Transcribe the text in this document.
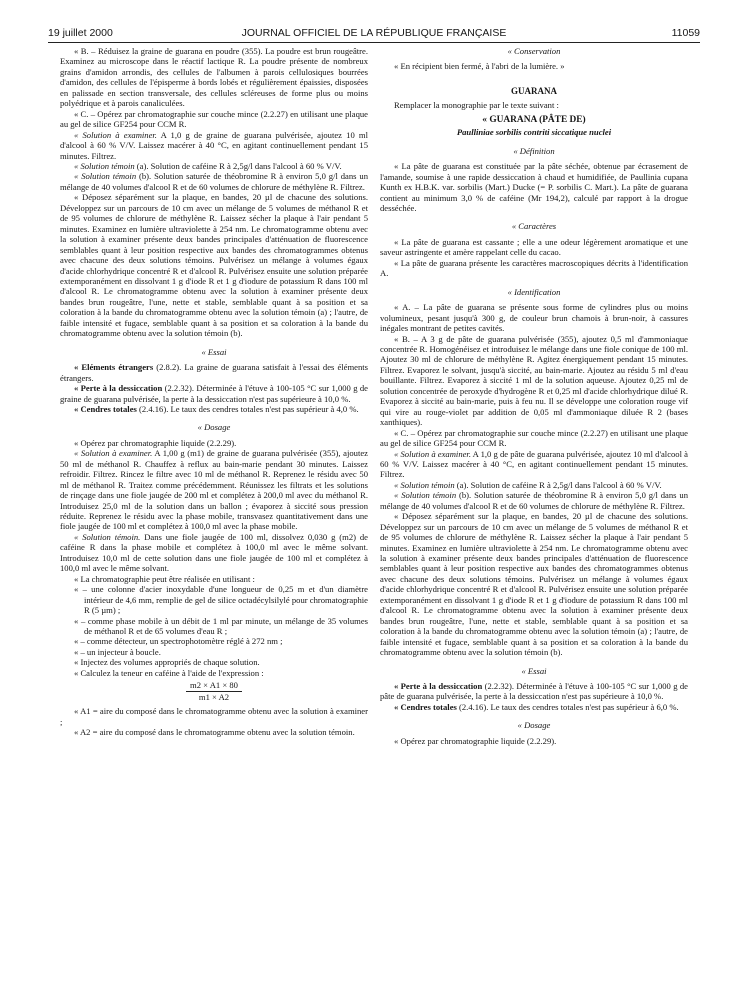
19 juillet 2000	JOURNAL OFFICIEL DE LA RÉPUBLIQUE FRANÇAISE	11059

« B. – Réduisez la graine de guarana en poudre (355). La poudre est brun rougeâtre. Examinez au microscope dans le réactif lactique R. La poudre présente de nombreux grains d'amidon arrondis, des cellules de l'albumen à parois cellulosiques bourrées d'amidon, des cellules de l'épisperme à bords lobés et régulièrement épaissies, disposées en palissade en section transversale, des cellules scléreuses de forme plus ou moins polyédrique et à parois canaliculées.

« C. – Opérez par chromatographie sur couche mince (2.2.27) en utilisant une plaque au gel de silice GF254 pour CCM R.

« Solution à examiner. A 1,0 g de graine de guarana pulvérisée, ajoutez 10 ml d'alcool à 60 % V/V. Laissez macérer à 40 °C, en agitant continuellement pendant 15 minutes. Filtrez.

« Solution témoin (a). Solution de caféine R à 2,5g/l dans l'alcool à 60 % V/V.

« Solution témoin (b). Solution saturée de théobromine R à environ 5,0 g/l dans un mélange de 40 volumes d'alcool R et de 60 volumes de chlorure de méthylène R. Filtrez.

« Déposez séparément sur la plaque, en bandes, 20 µl de chacune des solutions. Développez sur un parcours de 10 cm avec un mélange de 5 volumes de méthanol R et de 95 volumes de chlorure de méthylène R. Laissez sécher la plaque à l'air pendant 5 minutes. Examinez en lumière ultraviolette à 254 nm. Le chromatogramme obtenu avec la solution à examiner présente deux bandes principales d'atténuation de fluorescence semblables quant à leur position respective aux bandes des chromatogrammes obtenus avec chacune des deux solutions témoins. Pulvérisez un mélange à volumes égaux d'acide chlorhydrique concentré R et d'alcool R. Pulvérisez ensuite une solution préparée extemporanément en dissolvant 1 g d'iode R et 1 g d'iodure de potassium R dans 100 ml d'alcool R. Le chromatogramme obtenu avec la solution à examiner présente deux bandes brun rougeâtre, l'une, nette et stable, semblable quant à sa position et sa coloration à la bande du chromatogramme obtenu avec la solution témoin (a) ; l'autre, de faible intensité et fugace, semblable quant à sa position et sa coloration à la bande du chromatogramme obtenu avec la solution témoin (b).

« Essai

« Eléments étrangers (2.8.2). La graine de guarana satisfait à l'essai des éléments étrangers.

« Perte à la dessiccation (2.2.32). Déterminée à l'étuve à 100-105 °C sur 1,000 g de graine de guarana pulvérisée, la perte à la dessiccation n'est pas supérieure à 10,0 %.

« Cendres totales (2.4.16). Le taux des cendres totales n'est pas supérieur à 4,0 %.

« Dosage

« Opérez par chromatographie liquide (2.2.29).

« Solution à examiner. A 1,00 g (m1) de graine de guarana pulvérisée (355), ajoutez 50 ml de méthanol R. Chauffez à reflux au bain-marie pendant 30 minutes. Laissez refroidir. Filtrez. Rincez le filtre avec 10 ml de méthanol R. Reprenez le résidu avec 50 ml de méthanol R. Traitez comme précédemment. Réunissez les filtrats et les solutions de rinçage dans une fiole jaugée de 200 ml et complétez à 200,0 ml avec du méthanol R. Introduisez 25,0 ml de la solution dans un ballon ; évaporez à siccité sous pression réduite. Reprenez le résidu avec la phase mobile, transvasez quantitativement dans une fiole jaugée de 100 ml et complétez à 100,0 ml avec la phase mobile.

« Solution témoin. Dans une fiole jaugée de 100 ml, dissolvez 0,030 g (m2) de caféine R dans la phase mobile et complétez à 100,0 ml avec le même solvant. Introduisez 10,0 ml de cette solution dans une fiole jaugée de 100 ml et complétez à 100,0 ml avec le même solvant.

« La chromatographie peut être réalisée en utilisant :

« – une colonne d'acier inoxydable d'une longueur de 0,25 m et d'un diamètre intérieur de 4,6 mm, remplie de gel de silice octadécylsilylé pour chromatographie R (5 µm) ;

« – comme phase mobile à un débit de 1 ml par minute, un mélange de 35 volumes de méthanol R et de 65 volumes d'eau R ;

« – comme détecteur, un spectrophotomètre réglé à 272 nm ;

« – un injecteur à boucle.

« Injectez des volumes appropriés de chaque solution.

« Calculez la teneur en caféine à l'aide de l'expression :

m2 × A1 × 80
m1 × A2

« A1 = aire du composé dans le chromatogramme obtenu avec la solution à examiner ;

« A2 = aire du composé dans le chromatogramme obtenu avec la solution témoin.

« Conservation

« En récipient bien fermé, à l'abri de la lumière. »

GUARANA

Remplacer la monographie par le texte suivant :

« GUARANA (PÂTE DE)

Paulliniae sorbilis contriti siccatique nuclei

« Définition

« La pâte de guarana est constituée par la pâte séchée, obtenue par écrasement de l'amande, soumise à une rapide dessiccation à chaud et humidifiée, de Paullinia cupana Kunth ex H.B.K. var. sorbilis (Mart.) Ducke (= P. sorbilis C. Mart.). La pâte de guarana contient au minimum 3,0 % de caféine (Mr 194,2), calculé par rapport à la drogue desséchée.

« Caractères

« La pâte de guarana est cassante ; elle a une odeur légèrement aromatique et une saveur astringente et amère rappelant celle du cacao.

« La pâte de guarana présente les caractères macroscopiques décrits à l'identification A.

« Identification

« A. – La pâte de guarana se présente sous forme de cylindres plus ou moins volumineux, pesant jusqu'à 300 g, de couleur brun chamois à brun-noir, à cassures inégales montrant de petites cavités.

« B. – A 3 g de pâte de guarana pulvérisée (355), ajoutez 0,5 ml d'ammoniaque concentrée R. Homogénéisez et introduisez le mélange dans une fiole conique de 100 ml. Ajoutez 30 ml de chlorure de méthylène R. Agitez énergiquement pendant 15 minutes. Filtrez. Evaporez le solvant, jusqu'à siccité, au bain-marie. Ajoutez au résidu 5 ml d'eau bouillante. Filtrez. Evaporez à siccité 1 ml de la solution aqueuse. Ajoutez 0,25 ml de solution concentrée de peroxyde d'hydrogène R et 0,25 ml d'acide chlorhydrique dilué R. Evaporez à siccité au bain-marie, puis à feu nu. Il se développe une coloration rouge vif qui vire au rouge-violet par addition de 0,05 ml d'ammoniaque diluée R 2 (bases xanthiques).

« C. – Opérez par chromatographie sur couche mince (2.2.27) en utilisant une plaque au gel de silice GF254 pour CCM R.

« Solution à examiner. A 1,0 g de pâte de guarana pulvérisée, ajoutez 10 ml d'alcool à 60 % V/V. Laissez macérer à 40 °C, en agitant continuellement pendant 15 minutes. Filtrez.

« Solution témoin (a). Solution de caféine R à 2,5g/l dans l'alcool à 60 % V/V.

« Solution témoin (b). Solution saturée de théobromine R à environ 5,0 g/l dans un mélange de 40 volumes d'alcool R et de 60 volumes de chlorure de méthylène R. Filtrez.

« Déposez séparément sur la plaque, en bandes, 20 µl de chacune des solutions. Développez sur un parcours de 10 cm avec un mélange de 5 volumes de méthanol R et de 95 volumes de chlorure de méthylène R. Laissez sécher la plaque à l'air pendant 5 minutes. Examinez en lumière ultraviolette à 254 nm. Le chromatogramme obtenu avec la solution à examiner présente deux bandes principales d'atténuation de fluorescence semblables quant à leur position respective aux bandes des chromatogrammes obtenus avec chacune des deux solutions témoins. Pulvérisez un mélange à volumes égaux d'acide chlorhydrique concentré R et d'alcool R. Pulvérisez ensuite une solution préparée extemporanément en dissolvant 1 g d'iode R et 1 g d'iodure de potassium R dans 100 ml d'alcool R. Le chromatogramme obtenu avec la solution à examiner présente deux bandes brun rougeâtre, l'une, nette et stable, semblable quant à sa position et sa coloration à la bande du chromatogramme obtenu avec la solution témoin (a) ; l'autre, de faible intensité et fugace, semblable quant à sa position et sa coloration à la bande du chromatogramme obtenu avec la solution témoin (b).

« Essai

« Perte à la dessiccation (2.2.32). Déterminée à l'étuve à 100-105 °C sur 1,000 g de pâte de guarana pulvérisée, la perte à la dessiccation n'est pas supérieure à 10,0 %.

« Cendres totales (2.4.16). Le taux des cendres totales n'est pas supérieur à 6,0 %.

« Dosage

« Opérez par chromatographie liquide (2.2.29).
